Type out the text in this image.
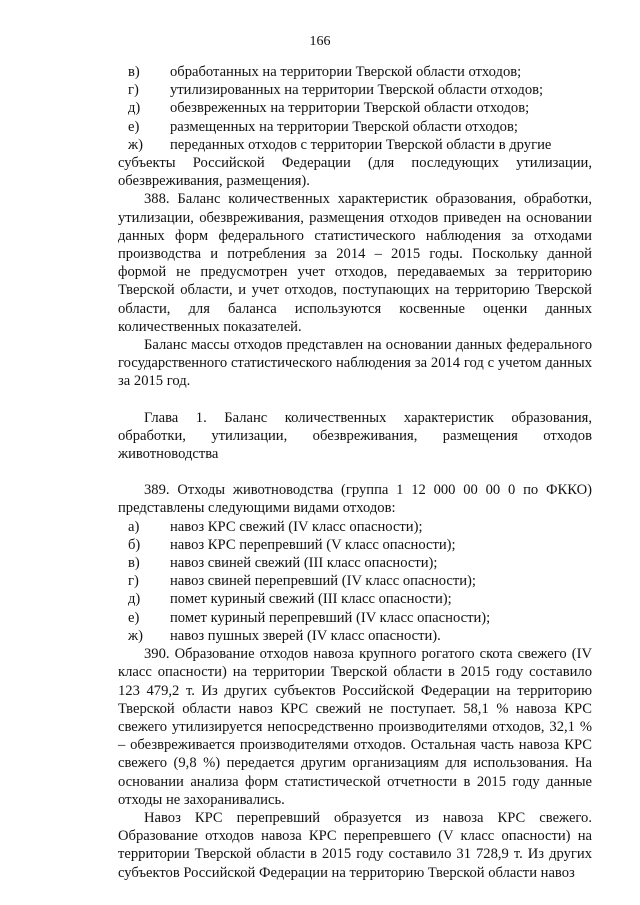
166
в) обработанных на территории Тверской области отходов;
г) утилизированных на территории Тверской области отходов;
д) обезвреженных на территории Тверской области отходов;
е) размещенных на территории Тверской области отходов;
ж) переданных отходов с территории Тверской области в другие
субъекты Российской Федерации (для последующих утилизации, обезвреживания, размещения).
388. Баланс количественных характеристик образования, обработки, утилизации, обезвреживания, размещения отходов приведен на основании данных форм федерального статистического наблюдения за отходами производства и потребления за 2014 – 2015 годы. Поскольку данной формой не предусмотрен учет отходов, передаваемых за территорию Тверской области, и учет отходов, поступающих на территорию Тверской области, для баланса используются косвенные оценки данных количественных показателей.
Баланс массы отходов представлен на основании данных федерального государственного статистического наблюдения за 2014 год с учетом данных за 2015 год.
Глава 1. Баланс количественных характеристик образования, обработки, утилизации, обезвреживания, размещения отходов животноводства
389. Отходы животноводства (группа 1 12 000 00 00 0 по ФККО) представлены следующими видами отходов:
а) навоз КРС свежий (IV класс опасности);
б) навоз КРС перепревший (V класс опасности);
в) навоз свиней свежий (III класс опасности);
г) навоз свиней перепревший (IV класс опасности);
д) помет куриный свежий (III класс опасности);
е) помет куриный перепревший (IV класс опасности);
ж) навоз пушных зверей (IV класс опасности).
390. Образование отходов навоза крупного рогатого скота свежего (IV класс опасности) на территории Тверской области в 2015 году составило 123 479,2 т. Из других субъектов Российской Федерации на территорию Тверской области навоз КРС свежий не поступает. 58,1 % навоза КРС свежего утилизируется непосредственно производителями отходов, 32,1 % – обезвреживается производителями отходов. Остальная часть навоза КРС свежего (9,8 %) передается другим организациям для использования. На основании анализа форм статистической отчетности в 2015 году данные отходы не захоранивались.
Навоз КРС перепревший образуется из навоза КРС свежего. Образование отходов навоза КРС перепревшего (V класс опасности) на территории Тверской области в 2015 году составило 31 728,9 т. Из других субъектов Российской Федерации на территорию Тверской области навоз
